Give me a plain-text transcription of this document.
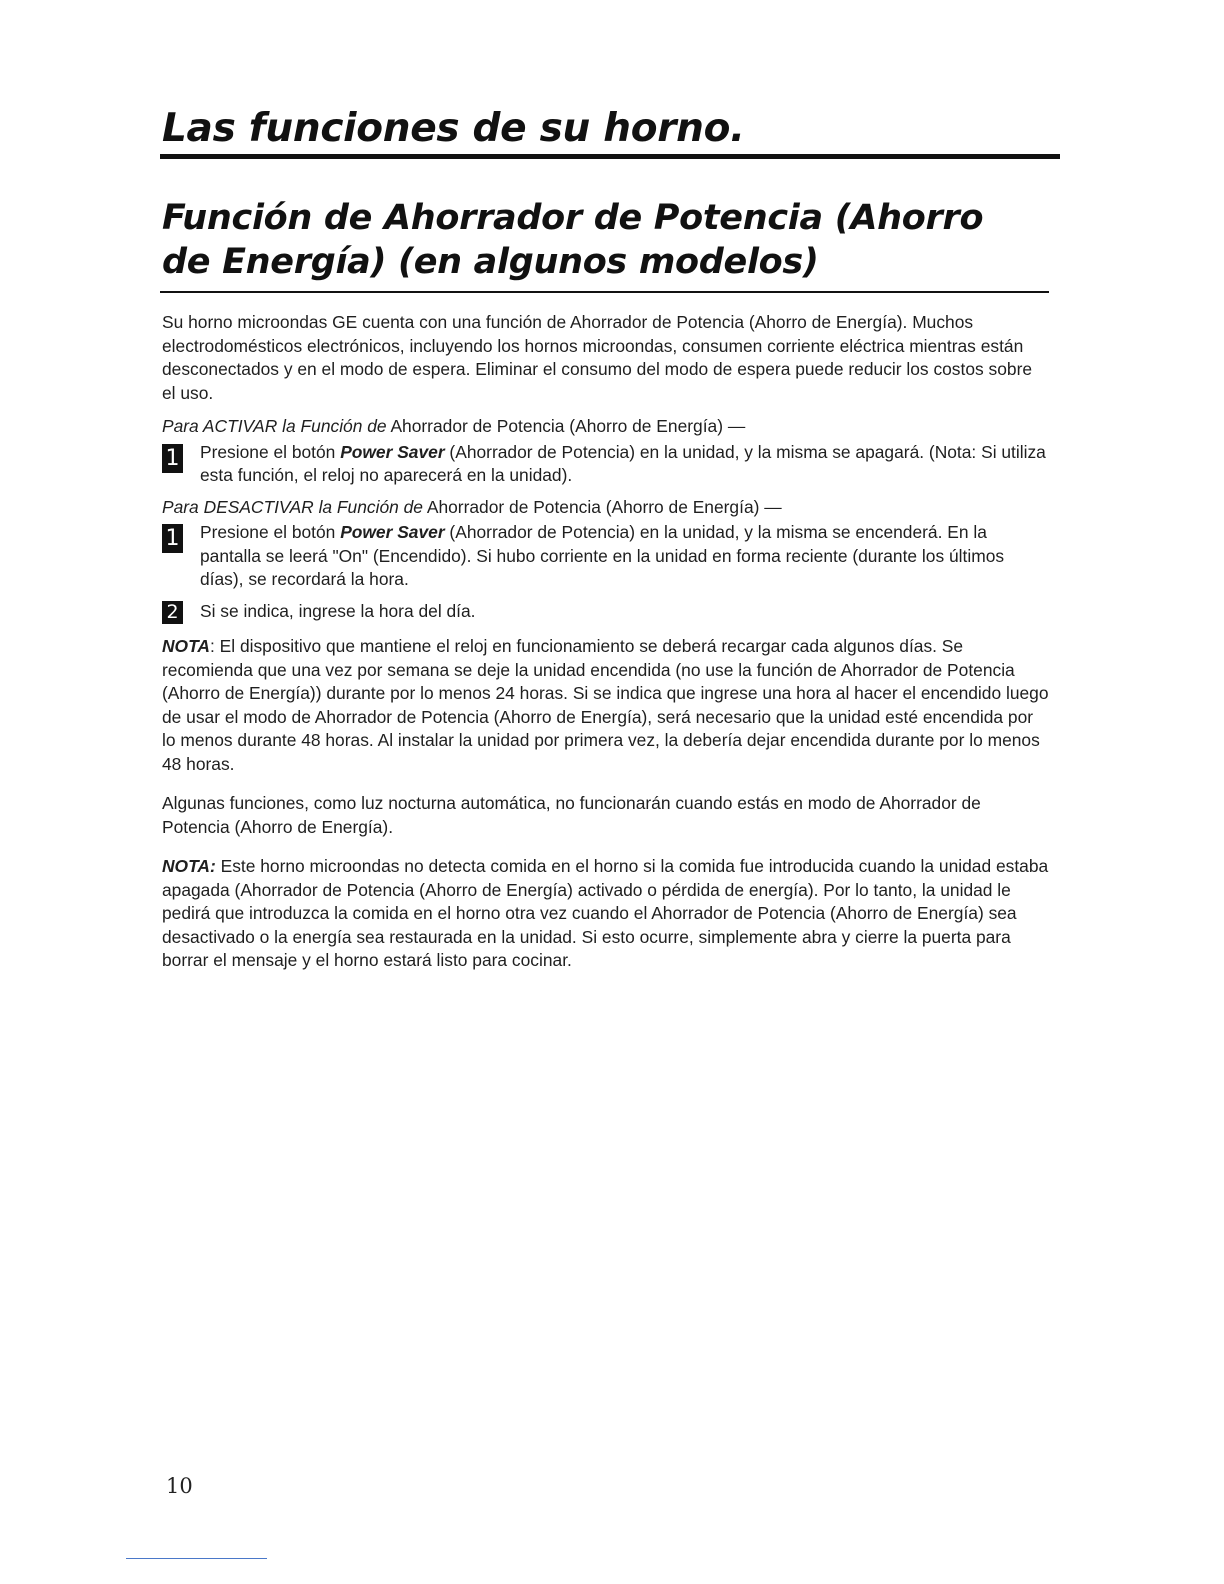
Las funciones de su horno.
Función de Ahorrador de Potencia (Ahorro de Energía) (en algunos modelos)

Su horno microondas GE cuenta con una función de Ahorrador de Potencia (Ahorro de Energía). Muchos electrodomésticos electrónicos, incluyendo los hornos microondas, consumen corriente eléctrica mientras están desconectados y en el modo de espera. Eliminar el consumo del modo de espera puede reducir los costos sobre el uso.

Para ACTIVAR la Función de Ahorrador de Potencia (Ahorro de Energía) —

1 Presione el botón Power Saver (Ahorrador de Potencia) en la unidad, y la misma se apagará. (Nota: Si utiliza esta función, el reloj no aparecerá en la unidad).

Para DESACTIVAR la Función de Ahorrador de Potencia (Ahorro de Energía) —

1 Presione el botón Power Saver (Ahorrador de Potencia) en la unidad, y la misma se encenderá. En la pantalla se leerá "On" (Encendido). Si hubo corriente en la unidad en forma reciente (durante los últimos días), se recordará la hora.
2 Si se indica, ingrese la hora del día.

NOTA: El dispositivo que mantiene el reloj en funcionamiento se deberá recargar cada algunos días. Se recomienda que una vez por semana se deje la unidad encendida (no use la función de Ahorrador de Potencia (Ahorro de Energía)) durante por lo menos 24 horas. Si se indica que ingrese una hora al hacer el encendido luego de usar el modo de Ahorrador de Potencia (Ahorro de Energía), será necesario que la unidad esté encendida por lo menos durante 48 horas. Al instalar la unidad por primera vez, la debería dejar encendida durante por lo menos 48 horas.

Algunas funciones, como luz nocturna automática, no funcionarán cuando estás en modo de Ahorrador de Potencia (Ahorro de Energía).

NOTA: Este horno microondas no detecta comida en el horno si la comida fue introducida cuando la unidad estaba apagada (Ahorrador de Potencia (Ahorro de Energía) activado o pérdida de energía). Por lo tanto, la unidad le pedirá que introduzca la comida en el horno otra vez cuando el Ahorrador de Potencia (Ahorro de Energía) sea desactivado o la energía sea restaurada en la unidad. Si esto ocurre, simplemente abra y cierre la puerta para borrar el mensaje y el horno estará listo para cocinar.

10
